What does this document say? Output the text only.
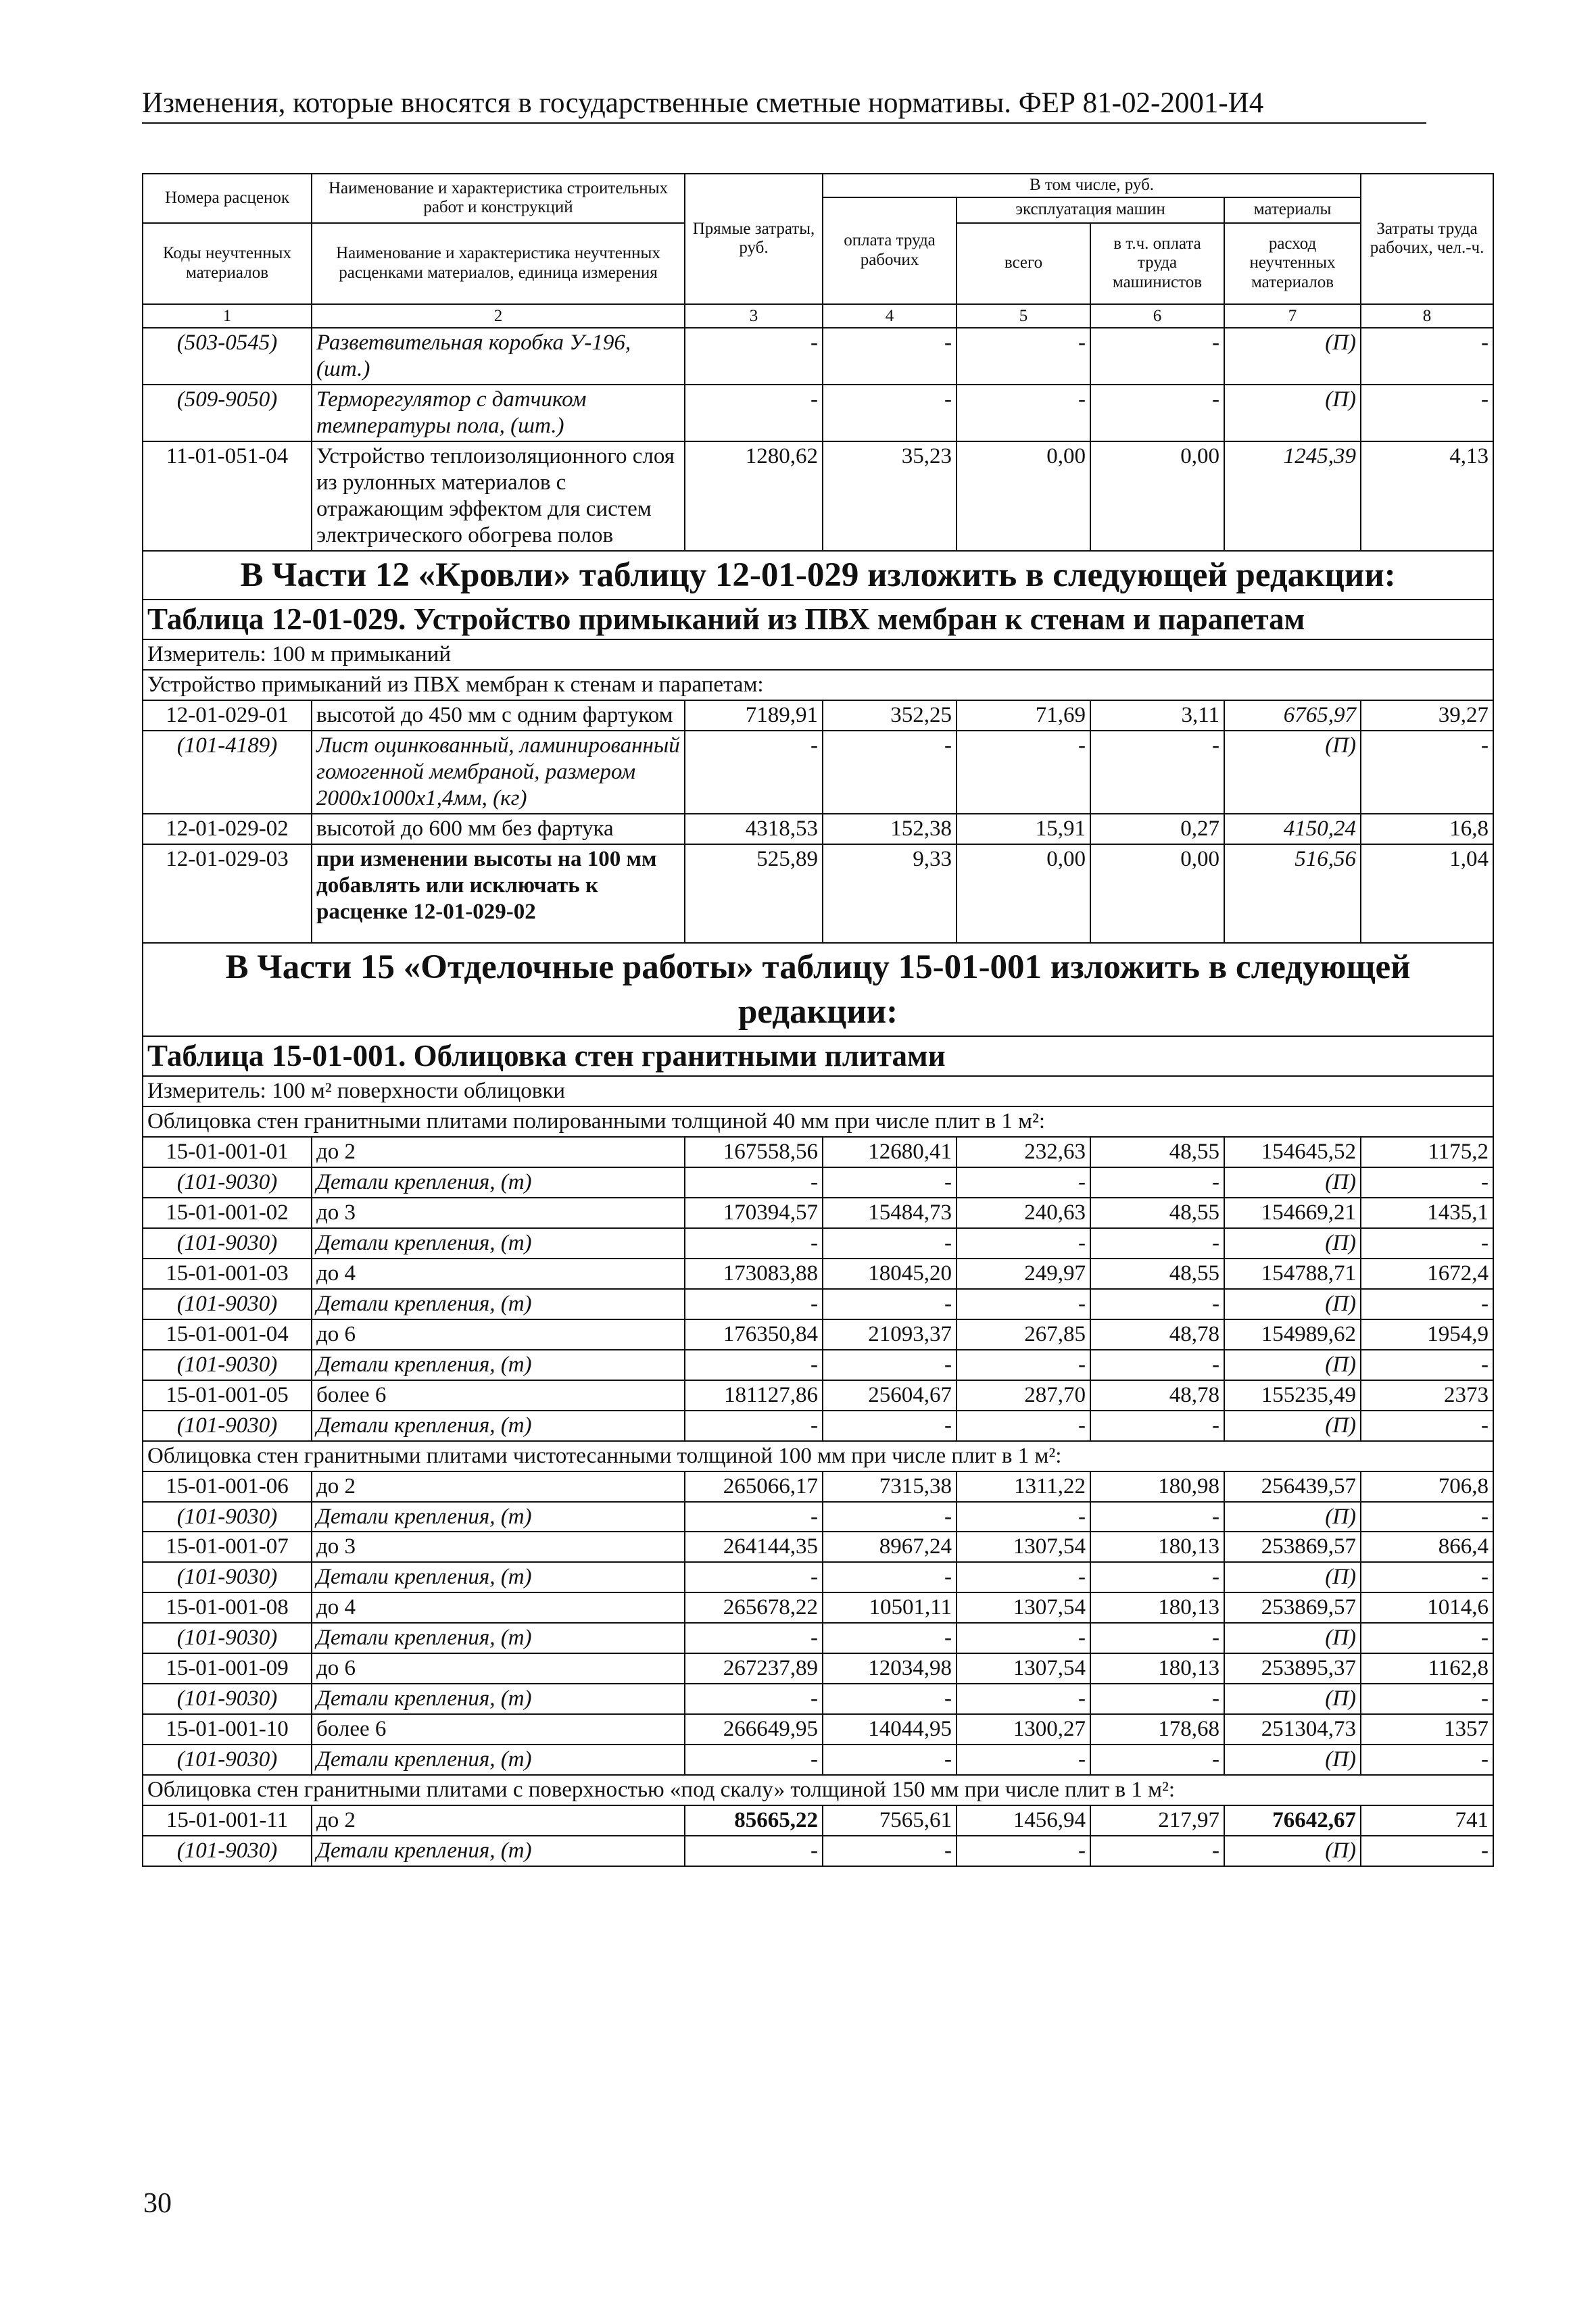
Изменения, которые вносятся в государственные сметные нормативы. ФЕР 81-02-2001-И4
Номера расценок	Наименование и характеристика строительных работ и конструкций	Прямые затраты, руб.	В том числе, руб.				Затраты труда рабочих, чел.-ч.
			оплата труда рабочих	эксплуатация машин		материалы	
Коды неучтенных материалов	Наименование и характеристика неучтенных расценками материалов, единица измерения			всего	в т.ч. оплата труда машинистов	расход неучтенных материалов	

1	2	3	4	5	6	7	8
(503-0545)	Разветвительная коробка У-196, (шт.)	-	-	-	-	(П)	-
(509-9050)	Терморегулятор с датчиком температуры пола, (шт.)	-	-	-	-	(П)	-
11-01-051-04	Устройство теплоизоляционного слоя из рулонных материалов с отражающим эффектом для систем электрического обогрева полов	1280,62	35,23	0,00	0,00	1245,39	4,13
В Части 12 «Кровли» таблицу 12-01-029 изложить в следующей редакции:							
Таблица 12-01-029. Устройство примыканий из ПВХ мембран к стенам и парапетам							
Измеритель: 100 м примыканий							
Устройство примыканий из ПВХ мембран к стенам и парапетам:							
12-01-029-01	высотой до 450 мм с одним фартуком	7189,91	352,25	71,69	3,11	6765,97	39,27
(101-4189)	Лист оцинкованный, ламинированный гомогенной мембраной, размером 2000х1000х1,4мм, (кг)	-	-	-	-	(П)	-
12-01-029-02	высотой до 600 мм без фартука	4318,53	152,38	15,91	0,27	4150,24	16,8
12-01-029-03	при изменении высоты на 100 мм добавлять или исключать к расценке 12-01-029-02	525,89	9,33	0,00	0,00	516,56	1,04
В Части 15 «Отделочные работы» таблицу 15-01-001 изложить в следующей редакции:							
Таблица 15-01-001. Облицовка стен гранитными плитами							
Измеритель: 100 м² поверхности облицовки							
Облицовка стен гранитными плитами полированными толщиной 40 мм при числе плит в 1 м²:							
15-01-001-01	до 2	167558,56	12680,41	232,63	48,55	154645,52	1175,2
(101-9030)	Детали крепления, (т)	-	-	-	-	(П)	-
15-01-001-02	до 3	170394,57	15484,73	240,63	48,55	154669,21	1435,1
(101-9030)	Детали крепления, (т)	-	-	-	-	(П)	-
15-01-001-03	до 4	173083,88	18045,20	249,97	48,55	154788,71	1672,4
(101-9030)	Детали крепления, (т)	-	-	-	-	(П)	-
15-01-001-04	до 6	176350,84	21093,37	267,85	48,78	154989,62	1954,9
(101-9030)	Детали крепления, (т)	-	-	-	-	(П)	-
15-01-001-05	более 6	181127,86	25604,67	287,70	48,78	155235,49	2373
(101-9030)	Детали крепления, (т)	-	-	-	-	(П)	-
Облицовка стен гранитными плитами чистотесанными толщиной 100 мм при числе плит в 1 м²:							
15-01-001-06	до 2	265066,17	7315,38	1311,22	180,98	256439,57	706,8
(101-9030)	Детали крепления, (т)	-	-	-	-	(П)	-
15-01-001-07	до 3	264144,35	8967,24	1307,54	180,13	253869,57	866,4
(101-9030)	Детали крепления, (т)	-	-	-	-	(П)	-
15-01-001-08	до 4	265678,22	10501,11	1307,54	180,13	253869,57	1014,6
(101-9030)	Детали крепления, (т)	-	-	-	-	(П)	-
15-01-001-09	до 6	267237,89	12034,98	1307,54	180,13	253895,37	1162,8
(101-9030)	Детали крепления, (т)	-	-	-	-	(П)	-
15-01-001-10	более 6	266649,95	14044,95	1300,27	178,68	251304,73	1357
(101-9030)	Детали крепления, (т)	-	-	-	-	(П)	-
Облицовка стен гранитными плитами с поверхностью «под скалу» толщиной 150 мм при числе плит в 1 м²:							
15-01-001-11	до 2	85665,22	7565,61	1456,94	217,97	76642,67	741
(101-9030)	Детали крепления, (т)	-	-	-	-	(П)	-
30
